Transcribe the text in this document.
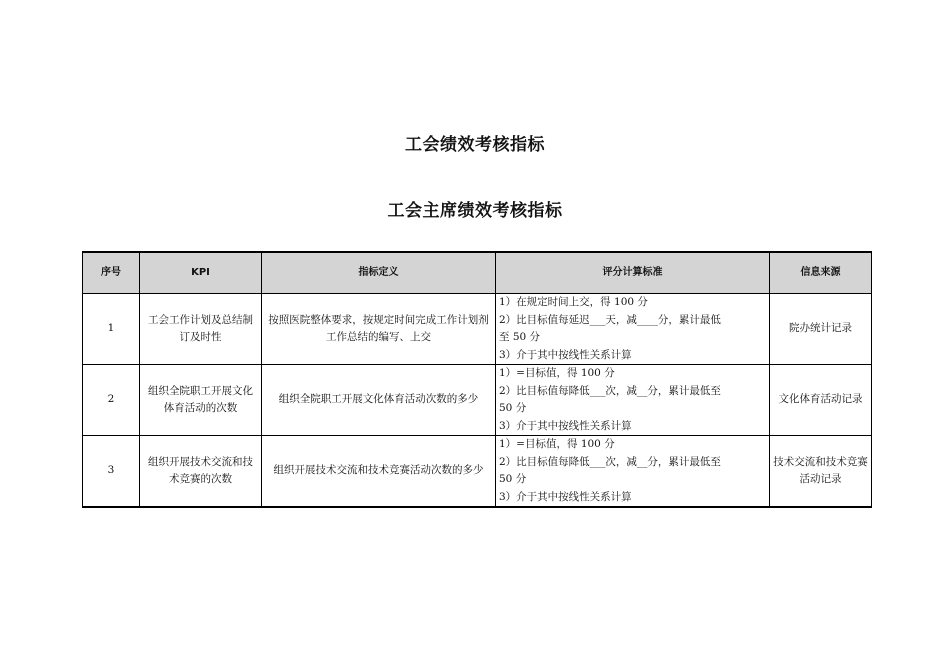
工会绩效考核指标
工会主席绩效考核指标
序号	KPI	指标定义	评分计算标准	信息来源
1	工会工作计划及总结制订及时性	按照医院整体要求，按规定时间完成工作计划剂工作总结的编写、上交	1）在规定时间上交，得 100 分
2）比目标值每延迟___天，减____分，累计最低
至 50 分
3）介于其中按线性关系计算	院办统计记录
2	组织全院职工开展文化体育活动的次数	组织全院职工开展文化体育活动次数的多少	1）=目标值，得 100 分
2）比目标值每降低___次，减__分，累计最低至
50 分
3）介于其中按线性关系计算	文化体育活动记录
3	组织开展技术交流和技术竞赛的次数	组织开展技术交流和技术竞赛活动次数的多少	1）=目标值，得 100 分
2）比目标值每降低___次，减__分，累计最低至
50 分
3）介于其中按线性关系计算	技术交流和技术竞赛活动记录
